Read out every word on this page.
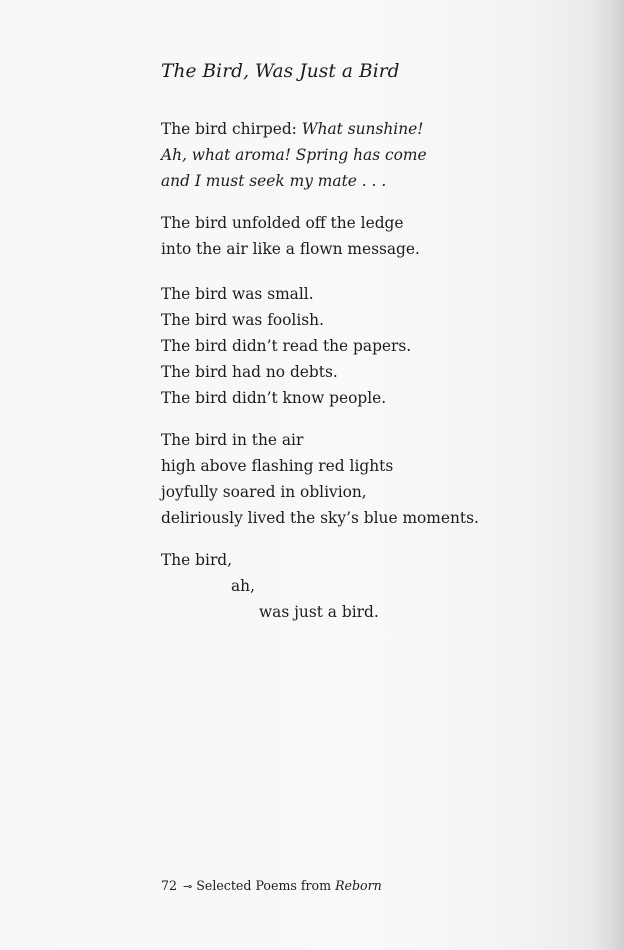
The Bird, Was Just a Bird
The bird chirped: What sunshine!
Ah, what aroma! Spring has come
and I must seek my mate . . .
The bird unfolded off the ledge
into the air like a flown message.
The bird was small.
The bird was foolish.
The bird didn’t read the papers.
The bird had no debts.
The bird didn’t know people.
The bird in the air
high above flashing red lights
joyfully soared in oblivion,
deliriously lived the sky’s blue moments.
The bird,
ah,
was just a bird.
72 ⊸ Selected Poems from Reborn
